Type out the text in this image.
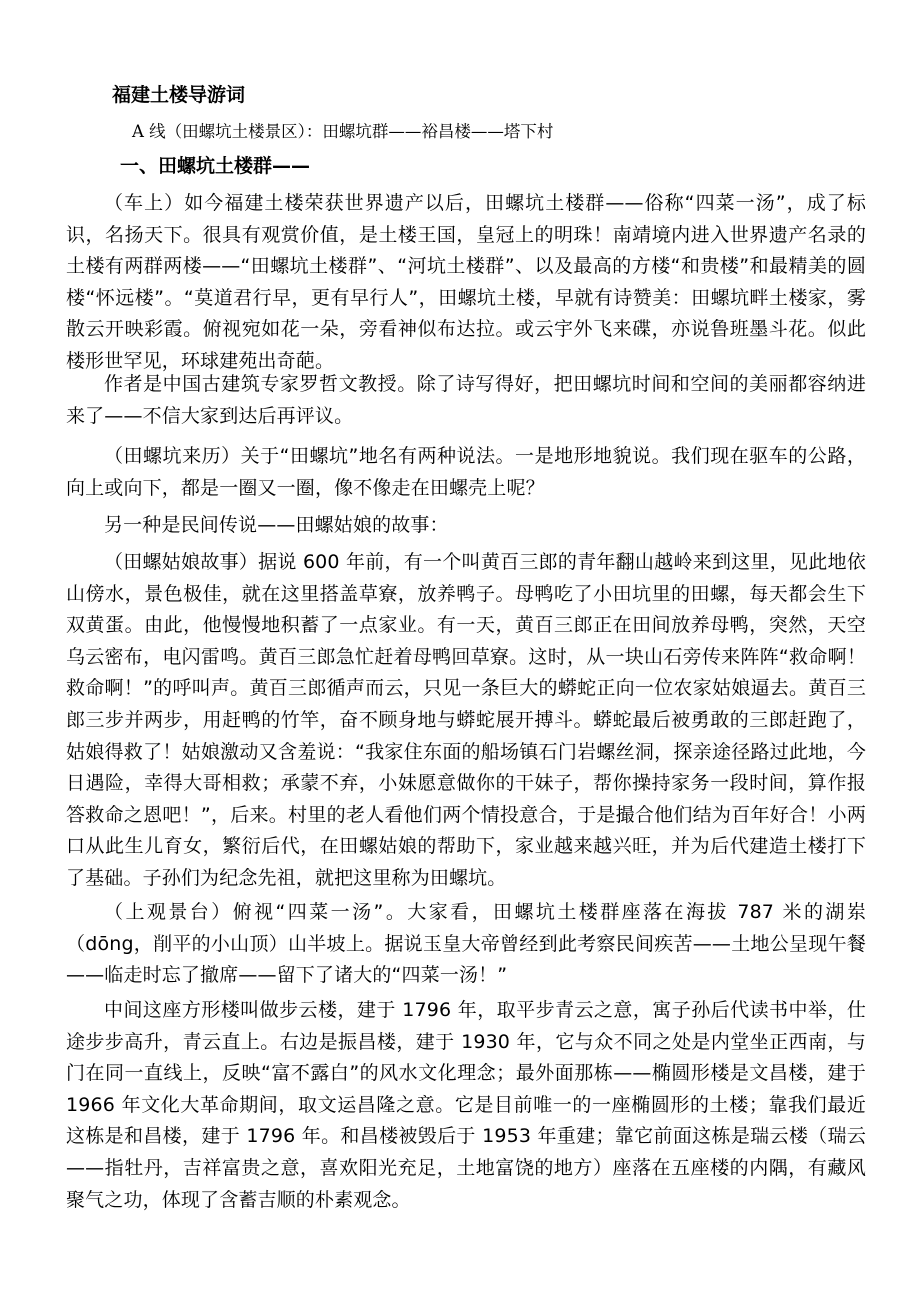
福建土楼导游词
A 线（田螺坑土楼景区）：田螺坑群——裕昌楼——塔下村
一、田螺坑土楼群——

（车上）如今福建土楼荣获世界遗产以后，田螺坑土楼群——俗称“四菜一汤”，成了标识，名扬天下。很具有观赏价值，是土楼王国，皇冠上的明珠！南靖境内进入世界遗产名录的土楼有两群两楼——“田螺坑土楼群”、“河坑土楼群”、以及最高的方楼“和贵楼”和最精美的圆楼“怀远楼”。“莫道君行早，更有早行人”，田螺坑土楼，早就有诗赞美：田螺坑畔土楼家，雾散云开映彩霞。俯视宛如花一朵，旁看神似布达拉。或云宇外飞来碟，亦说鲁班墨斗花。似此楼形世罕见，环球建苑出奇葩。

作者是中国古建筑专家罗哲文教授。除了诗写得好，把田螺坑时间和空间的美丽都容纳进来了——不信大家到达后再评议。

（田螺坑来历）关于“田螺坑”地名有两种说法。一是地形地貌说。我们现在驱车的公路，向上或向下，都是一圈又一圈，像不像走在田螺壳上呢？

另一种是民间传说——田螺姑娘的故事：

（田螺姑娘故事）据说 600 年前，有一个叫黄百三郎的青年翻山越岭来到这里，见此地依山傍水，景色极佳，就在这里搭盖草寮，放养鸭子。母鸭吃了小田坑里的田螺，每天都会生下双黄蛋。由此，他慢慢地积蓄了一点家业。有一天，黄百三郎正在田间放养母鸭，突然，天空乌云密布，电闪雷鸣。黄百三郎急忙赶着母鸭回草寮。这时，从一块山石旁传来阵阵“救命啊！救命啊！”的呼叫声。黄百三郎循声而云，只见一条巨大的蟒蛇正向一位农家姑娘逼去。黄百三郎三步并两步，用赶鸭的竹竿，奋不顾身地与蟒蛇展开搏斗。蟒蛇最后被勇敢的三郎赶跑了，姑娘得救了！姑娘激动又含羞说：“我家住东面的船场镇石门岩螺丝洞，探亲途径路过此地，今日遇险，幸得大哥相救；承蒙不弃，小妹愿意做你的干妹子，帮你操持家务一段时间，算作报答救命之恩吧！”，后来。村里的老人看他们两个情投意合，于是撮合他们结为百年好合！小两口从此生儿育女，繁衍后代，在田螺姑娘的帮助下，家业越来越兴旺，并为后代建造土楼打下了基础。子孙们为纪念先祖，就把这里称为田螺坑。

（上观景台）俯视“四菜一汤”。大家看，田螺坑土楼群座落在海拔 787 米的湖岽（dōng，削平的小山顶）山半坡上。据说玉皇大帝曾经到此考察民间疾苦——土地公呈现午餐——临走时忘了撤席——留下了诸大的“四菜一汤！”

中间这座方形楼叫做步云楼，建于 1796 年，取平步青云之意，寓子孙后代读书中举，仕途步步高升，青云直上。右边是振昌楼，建于 1930 年，它与众不同之处是内堂坐正西南，与门在同一直线上，反映“富不露白”的风水文化理念；最外面那栋——椭圆形楼是文昌楼，建于 1966 年文化大革命期间，取文运昌隆之意。它是目前唯一的一座椭圆形的土楼；靠我们最近这栋是和昌楼，建于 1796 年。和昌楼被毁后于 1953 年重建；靠它前面这栋是瑞云楼（瑞云——指牡丹，吉祥富贵之意，喜欢阳光充足，土地富饶的地方）座落在五座楼的内隅，有藏风聚气之功，体现了含蓄吉顺的朴素观念。
